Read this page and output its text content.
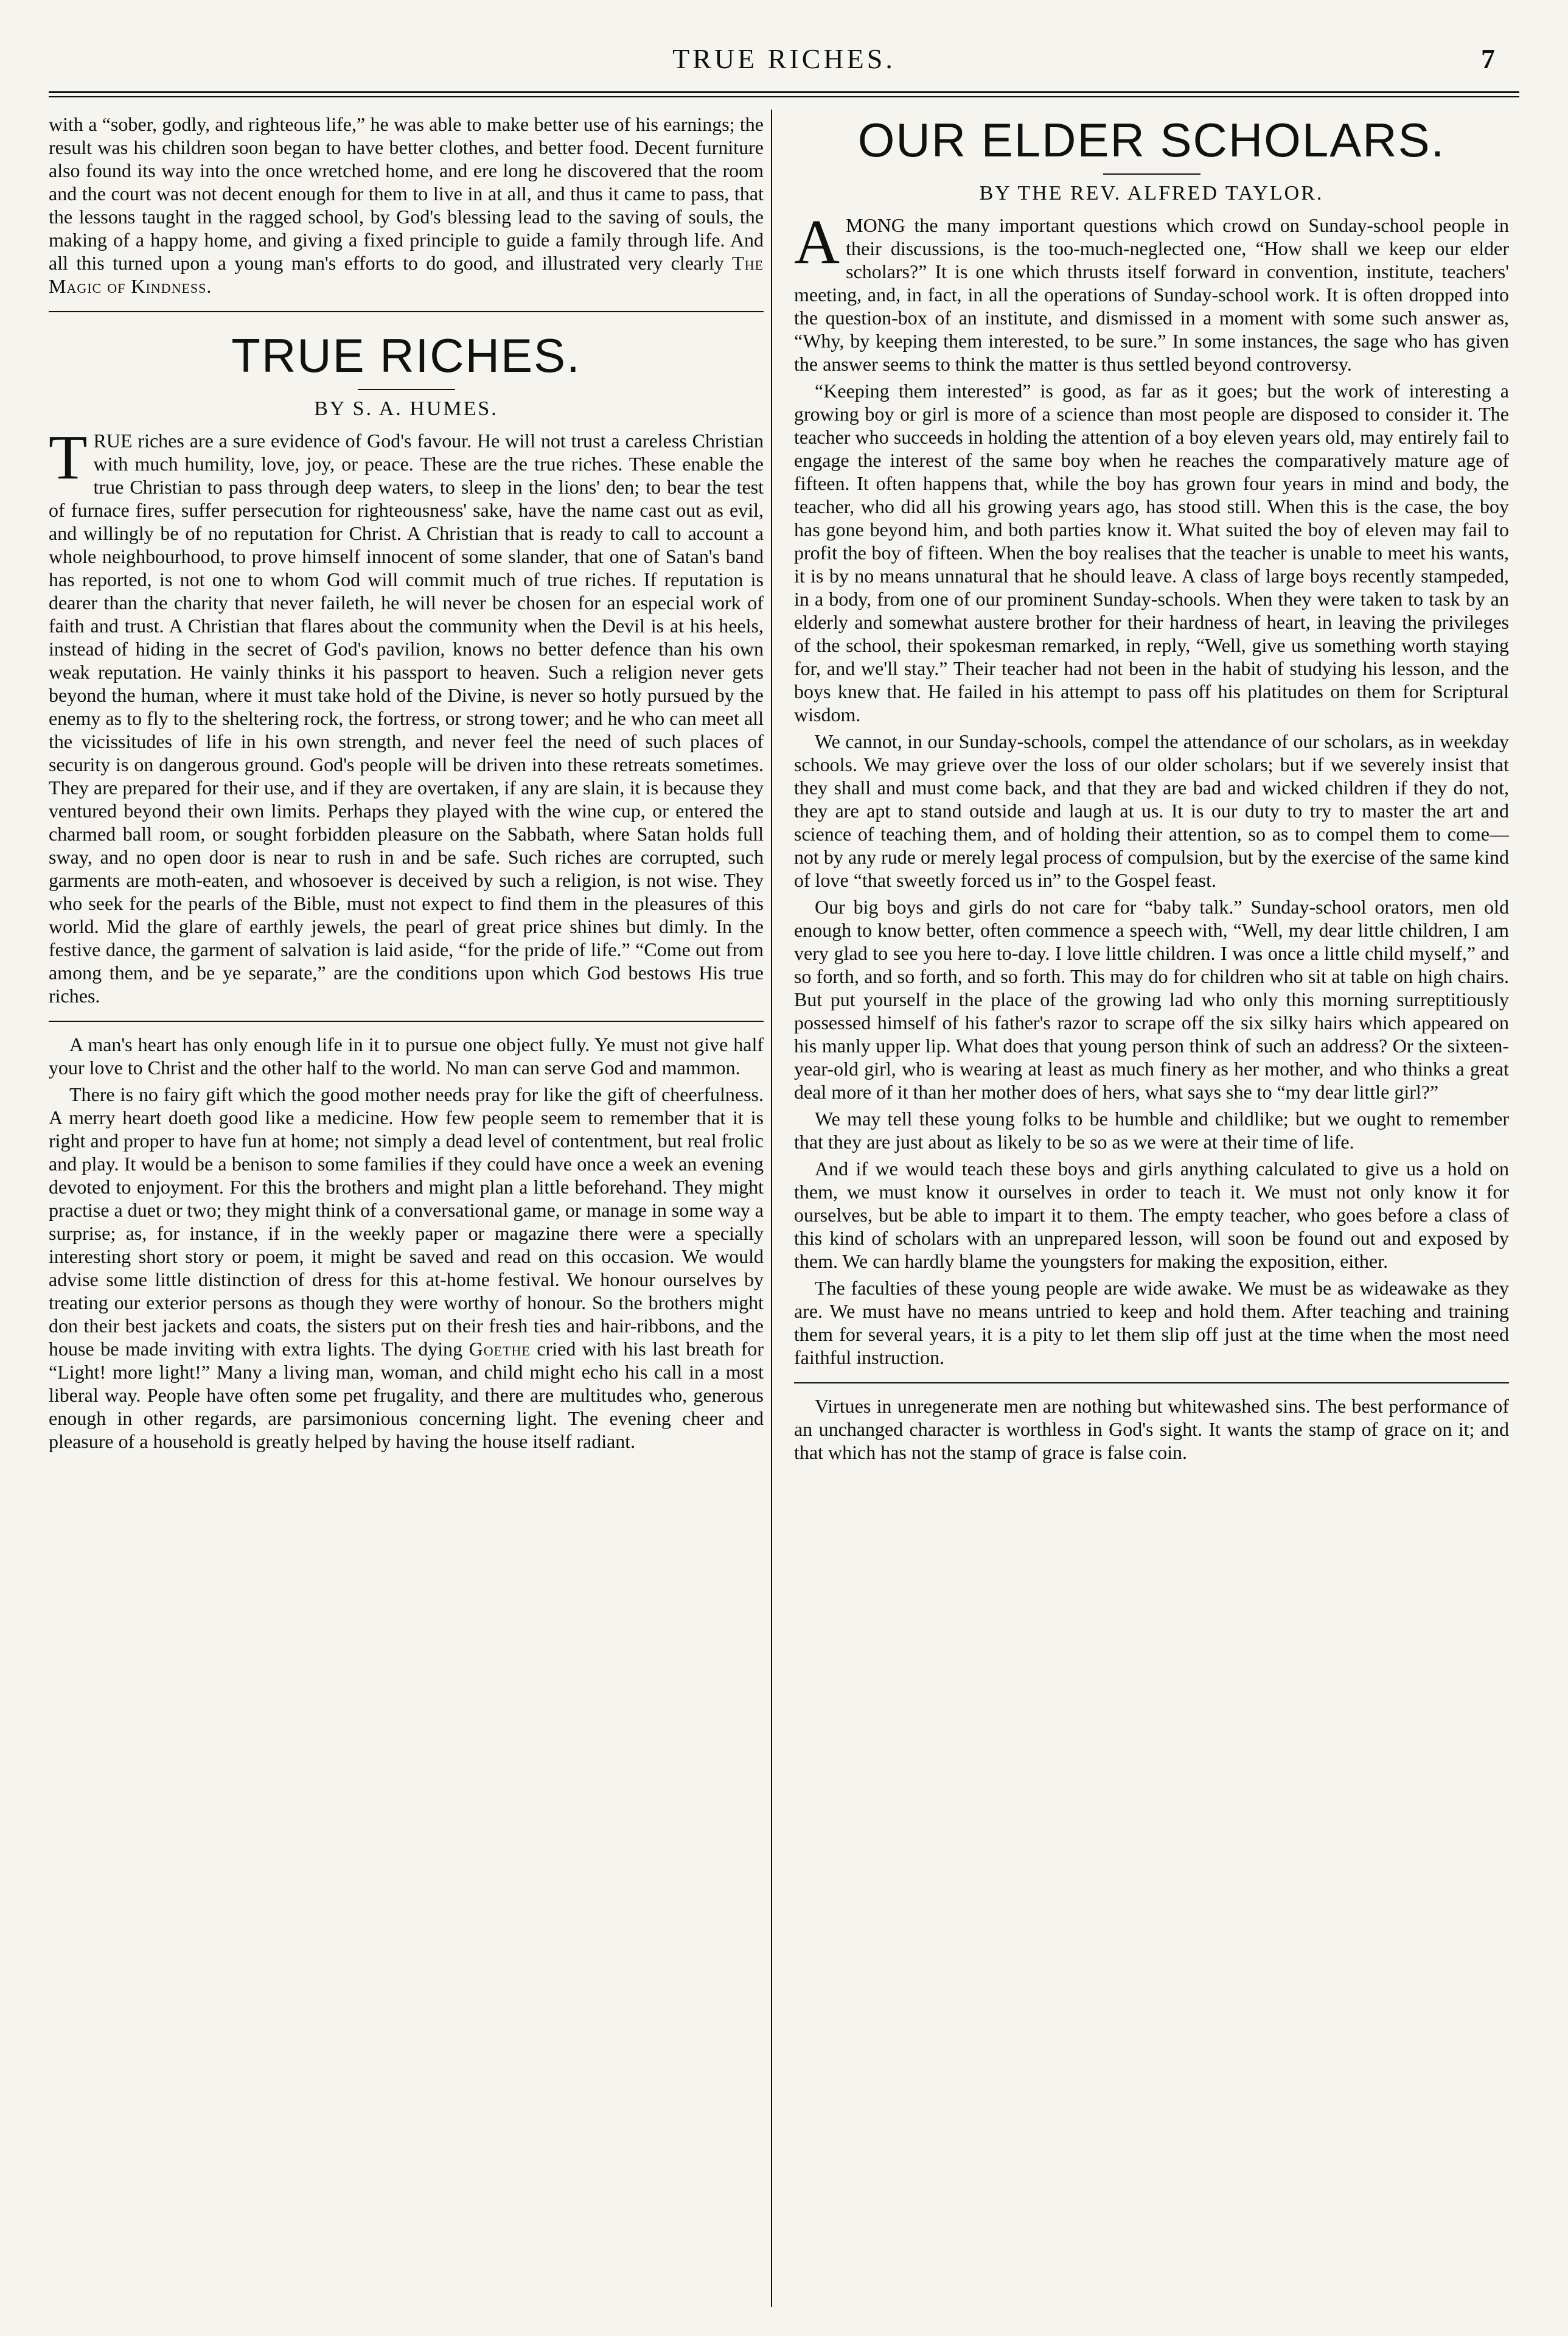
TRUE RICHES.	7

with a “sober, godly, and righteous life,” he was able to make better use of his earnings; the result was his children soon began to have better clothes, and better food. Decent furniture also found its way into the once wretched home, and ere long he discovered that the room and the court was not decent enough for them to live in at all, and thus it came to pass, that the lessons taught in the ragged school, by God's blessing lead to the saving of souls, the making of a happy home, and giving a fixed principle to guide a family through life. And all this turned upon a young man's efforts to do good, and illustrated very clearly The Magic of Kindness.

TRUE RICHES.
BY S. A. HUMES.

TRUE riches are a sure evidence of God's favour. He will not trust a careless Christian with much humility, love, joy, or peace. These are the true riches. These enable the true Christian to pass through deep waters, to sleep in the lions' den; to bear the test of furnace fires, suffer persecution for righteousness' sake, have the name cast out as evil, and willingly be of no reputation for Christ. A Christian that is ready to call to account a whole neighbourhood, to prove himself innocent of some slander, that one of Satan's band has reported, is not one to whom God will commit much of true riches. If reputation is dearer than the charity that never faileth, he will never be chosen for an especial work of faith and trust. A Christian that flares about the community when the Devil is at his heels, instead of hiding in the secret of God's pavilion, knows no better defence than his own weak reputation. He vainly thinks it his passport to heaven. Such a religion never gets beyond the human, where it must take hold of the Divine, is never so hotly pursued by the enemy as to fly to the sheltering rock, the fortress, or strong tower; and he who can meet all the vicissitudes of life in his own strength, and never feel the need of such places of security is on dangerous ground. God's people will be driven into these retreats sometimes. They are prepared for their use, and if they are overtaken, if any are slain, it is because they ventured beyond their own limits. Perhaps they played with the wine cup, or entered the charmed ball room, or sought forbidden pleasure on the Sabbath, where Satan holds full sway, and no open door is near to rush in and be safe. Such riches are corrupted, such garments are moth-eaten, and whosoever is deceived by such a religion, is not wise. They who seek for the pearls of the Bible, must not expect to find them in the pleasures of this world. Mid the glare of earthly jewels, the pearl of great price shines but dimly. In the festive dance, the garment of salvation is laid aside, “for the pride of life.” “Come out from among them, and be ye separate,” are the conditions upon which God bestows His true riches.

A man's heart has only enough life in it to pursue one object fully. Ye must not give half your love to Christ and the other half to the world. No man can serve God and mammon.

There is no fairy gift which the good mother needs pray for like the gift of cheerfulness. A merry heart doeth good like a medicine. How few people seem to remember that it is right and proper to have fun at home; not simply a dead level of contentment, but real frolic and play. It would be a benison to some families if they could have once a week an evening devoted to enjoyment. For this the brothers and might plan a little beforehand. They might practise a duet or two; they might think of a conversational game, or manage in some way a surprise; as, for instance, if in the weekly paper or magazine there were a specially interesting short story or poem, it might be saved and read on this occasion. We would advise some little distinction of dress for this at-home festival. We honour ourselves by treating our exterior persons as though they were worthy of honour. So the brothers might don their best jackets and coats, the sisters put on their fresh ties and hair-ribbons, and the house be made inviting with extra lights. The dying Goethe cried with his last breath for “Light! more light!” Many a living man, woman, and child might echo his call in a most liberal way. People have often some pet frugality, and there are multitudes who, generous enough in other regards, are parsimonious concerning light. The evening cheer and pleasure of a household is greatly helped by having the house itself radiant.

OUR ELDER SCHOLARS.
BY THE REV. ALFRED TAYLOR.

AMONG the many important questions which crowd on Sunday-school people in their discussions, is the too-much-neglected one, “How shall we keep our elder scholars?” It is one which thrusts itself forward in convention, institute, teachers' meeting, and, in fact, in all the operations of Sunday-school work. It is often dropped into the question-box of an institute, and dismissed in a moment with some such answer as, “Why, by keeping them interested, to be sure.” In some instances, the sage who has given the answer seems to think the matter is thus settled beyond controversy.

“Keeping them interested” is good, as far as it goes; but the work of interesting a growing boy or girl is more of a science than most people are disposed to consider it. The teacher who succeeds in holding the attention of a boy eleven years old, may entirely fail to engage the interest of the same boy when he reaches the comparatively mature age of fifteen. It often happens that, while the boy has grown four years in mind and body, the teacher, who did all his growing years ago, has stood still. When this is the case, the boy has gone beyond him, and both parties know it. What suited the boy of eleven may fail to profit the boy of fifteen. When the boy realises that the teacher is unable to meet his wants, it is by no means unnatural that he should leave. A class of large boys recently stampeded, in a body, from one of our prominent Sunday-schools. When they were taken to task by an elderly and somewhat austere brother for their hardness of heart, in leaving the privileges of the school, their spokesman remarked, in reply, “Well, give us something worth staying for, and we'll stay.” Their teacher had not been in the habit of studying his lesson, and the boys knew that. He failed in his attempt to pass off his platitudes on them for Scriptural wisdom.

We cannot, in our Sunday-schools, compel the attendance of our scholars, as in weekday schools. We may grieve over the loss of our older scholars; but if we severely insist that they shall and must come back, and that they are bad and wicked children if they do not, they are apt to stand outside and laugh at us. It is our duty to try to master the art and science of teaching them, and of holding their attention, so as to compel them to come—not by any rude or merely legal process of compulsion, but by the exercise of the same kind of love “that sweetly forced us in” to the Gospel feast.

Our big boys and girls do not care for “baby talk.” Sunday-school orators, men old enough to know better, often commence a speech with, “Well, my dear little children, I am very glad to see you here to-day. I love little children. I was once a little child myself,” and so forth, and so forth, and so forth. This may do for children who sit at table on high chairs. But put yourself in the place of the growing lad who only this morning surreptitiously possessed himself of his father's razor to scrape off the six silky hairs which appeared on his manly upper lip. What does that young person think of such an address? Or the sixteen-year-old girl, who is wearing at least as much finery as her mother, and who thinks a great deal more of it than her mother does of hers, what says she to “my dear little girl?”

We may tell these young folks to be humble and childlike; but we ought to remember that they are just about as likely to be so as we were at their time of life.

And if we would teach these boys and girls anything calculated to give us a hold on them, we must know it ourselves in order to teach it. We must not only know it for ourselves, but be able to impart it to them. The empty teacher, who goes before a class of this kind of scholars with an unprepared lesson, will soon be found out and exposed by them. We can hardly blame the youngsters for making the exposition, either.

The faculties of these young people are wide awake. We must be as wideawake as they are. We must have no means untried to keep and hold them. After teaching and training them for several years, it is a pity to let them slip off just at the time when the most need faithful instruction.

Virtues in unregenerate men are nothing but whitewashed sins. The best performance of an unchanged character is worthless in God's sight. It wants the stamp of grace on it; and that which has not the stamp of grace is false coin.
